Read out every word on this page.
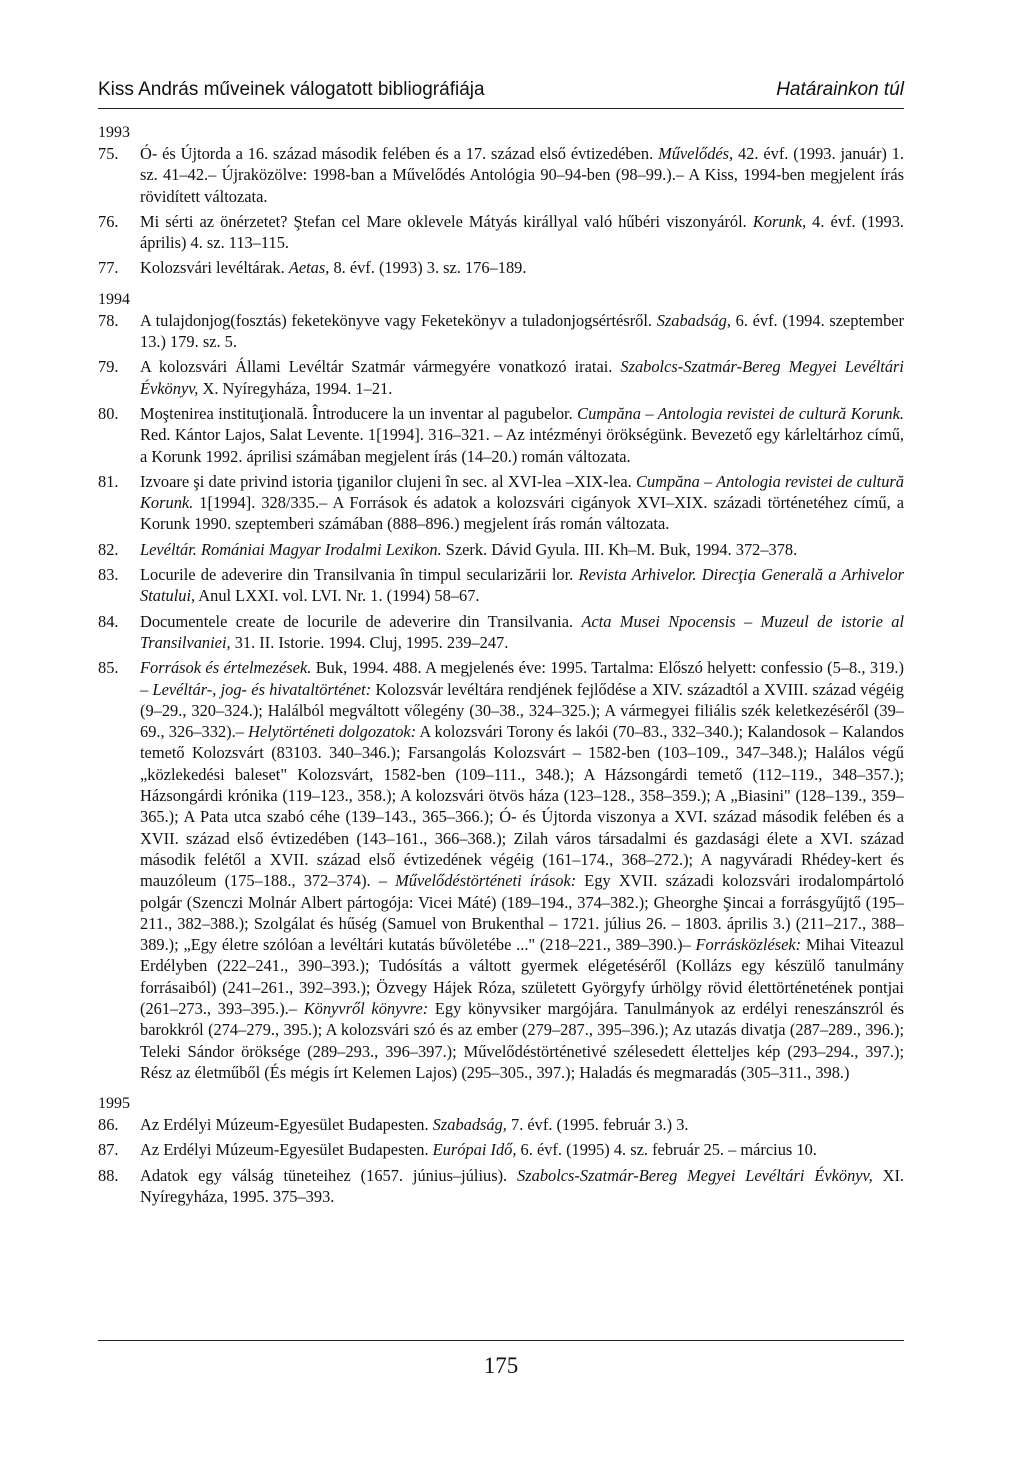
Kiss András műveinek válogatott bibliográfiája	Határainkon túl
1993
75.	Ó- és Újtorda a 16. század második felében és a 17. század első évtizedében. Művelődés, 42. évf. (1993. január) 1. sz. 41–42.– Újraközölve: 1998-ban a Művelődés Antológia 90–94-ben (98–99.).– A Kiss, 1994-ben megjelent írás rövidített változata.
76.	Mi sérti az önérzetet? Ştefan cel Mare oklevele Mátyás királlyal való hűbéri viszonyáról. Korunk, 4. évf. (1993. április) 4. sz. 113–115.
77.	Kolozsvári levéltárak. Aetas, 8. évf. (1993) 3. sz. 176–189.
1994
78.	A tulajdonjog(fosztás) feketekönyve vagy Feketekönyv a tuladonjogsértésről. Szabadság, 6. évf. (1994. szeptember 13.) 179. sz. 5.
79.	A kolozsvári Állami Levéltár Szatmár vármegyére vonatkozó iratai. Szabolcs-Szatmár-Bereg Megyei Levéltári Évkönyv, X. Nyíregyháza, 1994. 1–21.
80.	Moştenirea instituţională. Întroducere la un inventar al pagubelor. Cumpăna – Antologia revistei de cultură Korunk. Red. Kántor Lajos, Salat Levente. 1[1994]. 316–321. – Az intézményi örökségünk. Bevezető egy kárleltárhoz című, a Korunk 1992. áprilisi számában megjelent írás (14–20.) román változata.
81.	Izvoare şi date privind istoria ţiganilor clujeni în sec. al XVI-lea –XIX-lea. Cumpăna – Antologia revistei de cultură Korunk. 1[1994]. 328/335.– A Források és adatok a kolozsvári cigányok XVI–XIX. századi történetéhez című, a Korunk 1990. szeptemberi számában (888–896.) megjelent írás román változata.
82.	Levéltár. Romániai Magyar Irodalmi Lexikon. Szerk. Dávid Gyula. III. Kh–M. Buk, 1994. 372–378.
83.	Locurile de adeverire din Transilvania în timpul secularizării lor. Revista Arhivelor. Direcţia Generală a Arhivelor Statului, Anul LXXI. vol. LVI. Nr. 1. (1994) 58–67.
84.	Documentele create de locurile de adeverire din Transilvania. Acta Musei Npocensis – Muzeul de istorie al Transilvaniei, 31. II. Istorie. 1994. Cluj, 1995. 239–247.
85.	Források és értelmezések. Buk, 1994. 488. A megjelenés éve: 1995. Tartalma: Előszó helyett: confessio (5–8., 319.) – Levéltár-, jog- és hivataltörténet: Kolozsvár levéltára rendjének fejlődése a XIV. századtól a XVIII. század végéig (9–29., 320–324.); Halálból megváltott vőlegény (30–38., 324–325.); A vármegyei filiális szék keletkezéséről (39–69., 326–332).– Helytörténeti dolgozatok: A kolozsvári Torony és lakói (70–83., 332–340.); Kalandosok – Kalandos temető Kolozsvárt (83103. 340–346.); Farsangolás Kolozsvárt – 1582-ben (103–109., 347–348.); Halálos végű „közlekedési baleset" Kolozsvárt, 1582-ben (109–111., 348.); A Házsongárdi temető (112–119., 348–357.); Házsongárdi krónika (119–123., 358.); A kolozsvári ötvös háza (123–128., 358–359.); A „Biasini" (128–139., 359–365.); A Pata utca szabó céhe (139–143., 365–366.); Ó- és Újtorda viszonya a XVI. század második felében és a XVII. század első évtizedében (143–161., 366–368.); Zilah város társadalmi és gazdasági élete a XVI. század második felétől a XVII. század első évtizedének végéig (161–174., 368–272.); A nagyváradi Rhédey-kert és mauzóleum (175–188., 372–374). – Művelődéstörténeti írások: Egy XVII. századi kolozsvári irodalompártoló polgár (Szenczi Molnár Albert pártogója: Vicei Máté) (189–194., 374–382.); Gheorghe Şincai a forrásgyűjtő (195–211., 382–388.); Szolgálat és hűség (Samuel von Brukenthal – 1721. július 26. – 1803. április 3.) (211–217., 388–389.); „Egy életre szólóan a levéltári kutatás bűvöletébe ..." (218–221., 389–390.)– Forrásközlések: Mihai Viteazul Erdélyben (222–241., 390–393.); Tudósítás a váltott gyermek elégetéséről (Kollázs egy készülő tanulmány forrásaiból) (241–261., 392–393.); Özvegy Hájek Róza, született Györgyfy úrhölgy rövid élettörténetének pontjai (261–273., 393–395.).– Könyvről könyvre: Egy könyvsiker margójára. Tanulmányok az erdélyi reneszánszról és barokkról (274–279., 395.); A kolozsvári szó és az ember (279–287., 395–396.); Az utazás divatja (287–289., 396.); Teleki Sándor öröksége (289–293., 396–397.); Művelődéstörténetivé szélesedett életteljes kép (293–294., 397.); Rész az életműből (És mégis írt Kelemen Lajos) (295–305., 397.); Haladás és megmaradás (305–311., 398.)
1995
86.	Az Erdélyi Múzeum-Egyesület Budapesten. Szabadság, 7. évf. (1995. február 3.) 3.
87.	Az Erdélyi Múzeum-Egyesület Budapesten. Európai Idő, 6. évf. (1995) 4. sz. február 25. – március 10.
88.	Adatok egy válság tüneteihez (1657. június–július). Szabolcs-Szatmár-Bereg Megyei Levéltári Évkönyv, XI. Nyíregyháza, 1995. 375–393.
175
